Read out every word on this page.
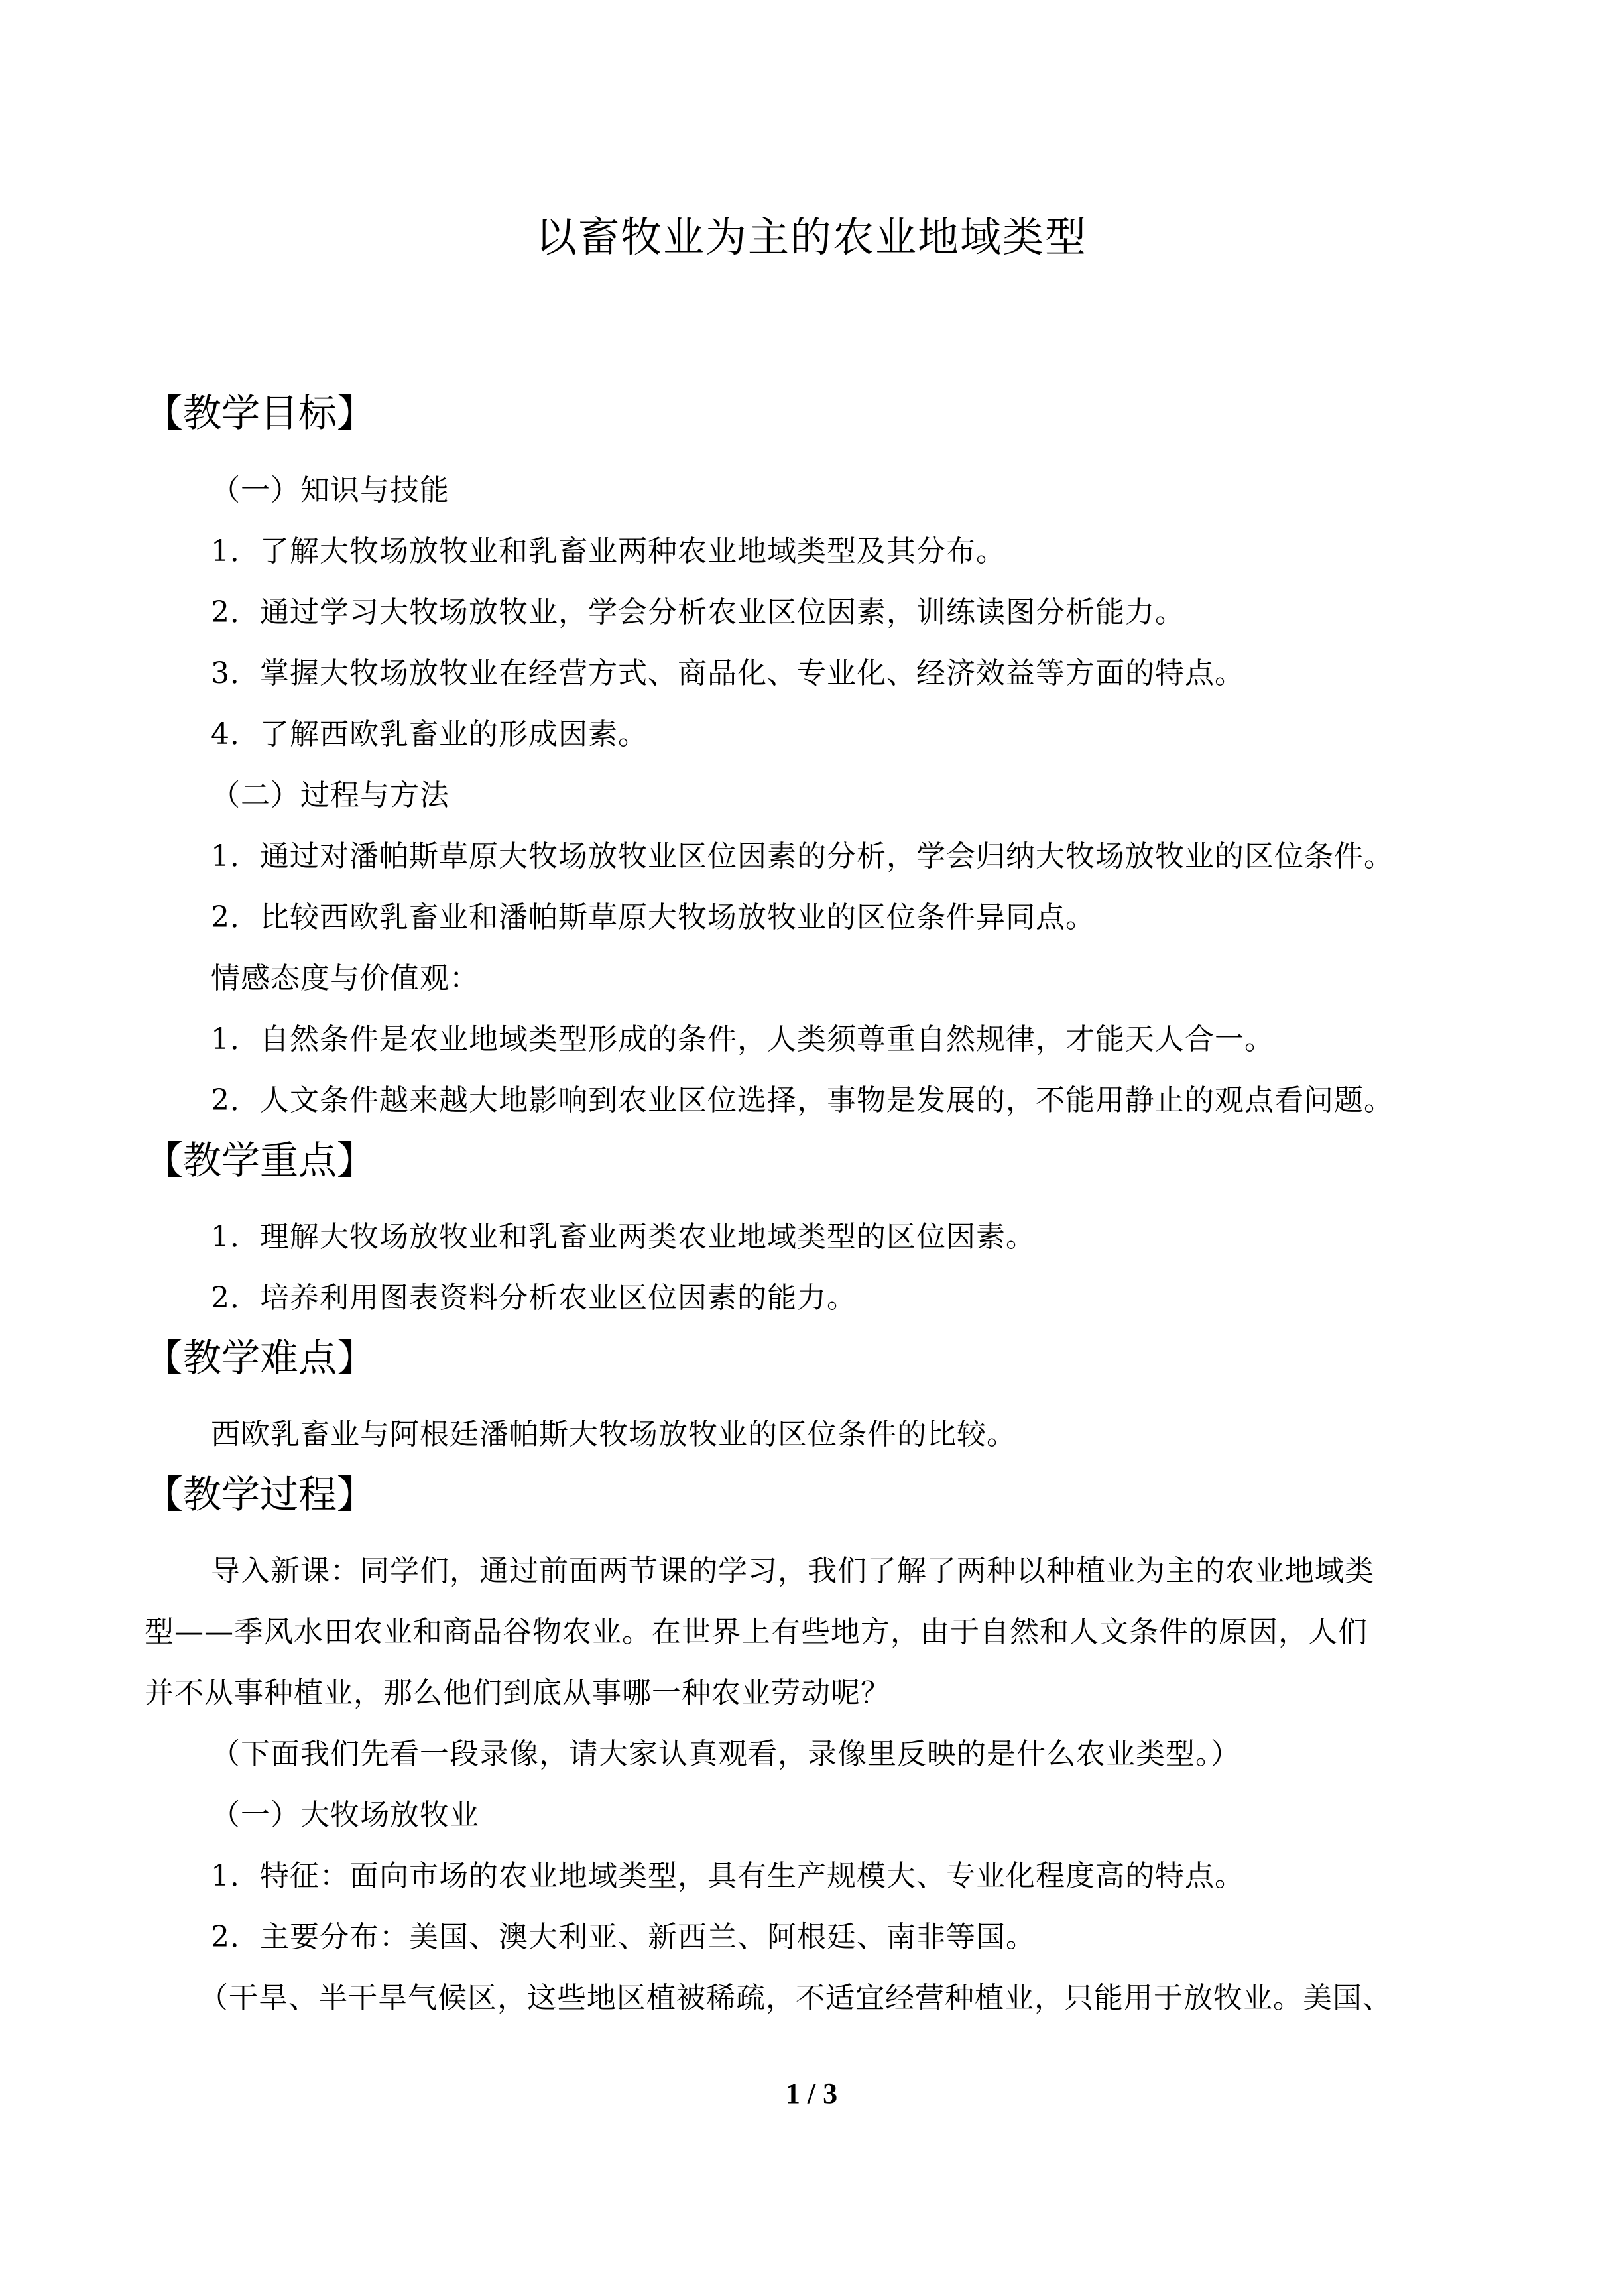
以畜牧业为主的农业地域类型
【教学目标】
（一）知识与技能
1．了解大牧场放牧业和乳畜业两种农业地域类型及其分布。
2．通过学习大牧场放牧业，学会分析农业区位因素，训练读图分析能力。
3．掌握大牧场放牧业在经营方式、商品化、专业化、经济效益等方面的特点。
4．了解西欧乳畜业的形成因素。
（二）过程与方法
1．通过对潘帕斯草原大牧场放牧业区位因素的分析，学会归纳大牧场放牧业的区位条件。
2．比较西欧乳畜业和潘帕斯草原大牧场放牧业的区位条件异同点。
情感态度与价值观：
1．自然条件是农业地域类型形成的条件，人类须尊重自然规律，才能天人合一。
2．人文条件越来越大地影响到农业区位选择，事物是发展的，不能用静止的观点看问题。
【教学重点】
1．理解大牧场放牧业和乳畜业两类农业地域类型的区位因素。
2．培养利用图表资料分析农业区位因素的能力。
【教学难点】
西欧乳畜业与阿根廷潘帕斯大牧场放牧业的区位条件的比较。
【教学过程】
导入新课：同学们，通过前面两节课的学习，我们了解了两种以种植业为主的农业地域类
型——季风水田农业和商品谷物农业。在世界上有些地方，由于自然和人文条件的原因，人们
并不从事种植业，那么他们到底从事哪一种农业劳动呢？
（下面我们先看一段录像，请大家认真观看，录像里反映的是什么农业类型。）
（一）大牧场放牧业
1．特征：面向市场的农业地域类型，具有生产规模大、专业化程度高的特点。
2．主要分布：美国、澳大利亚、新西兰、阿根廷、南非等国。
（干旱、半干旱气候区，这些地区植被稀疏，不适宜经营种植业，只能用于放牧业。美国、
1 / 3
